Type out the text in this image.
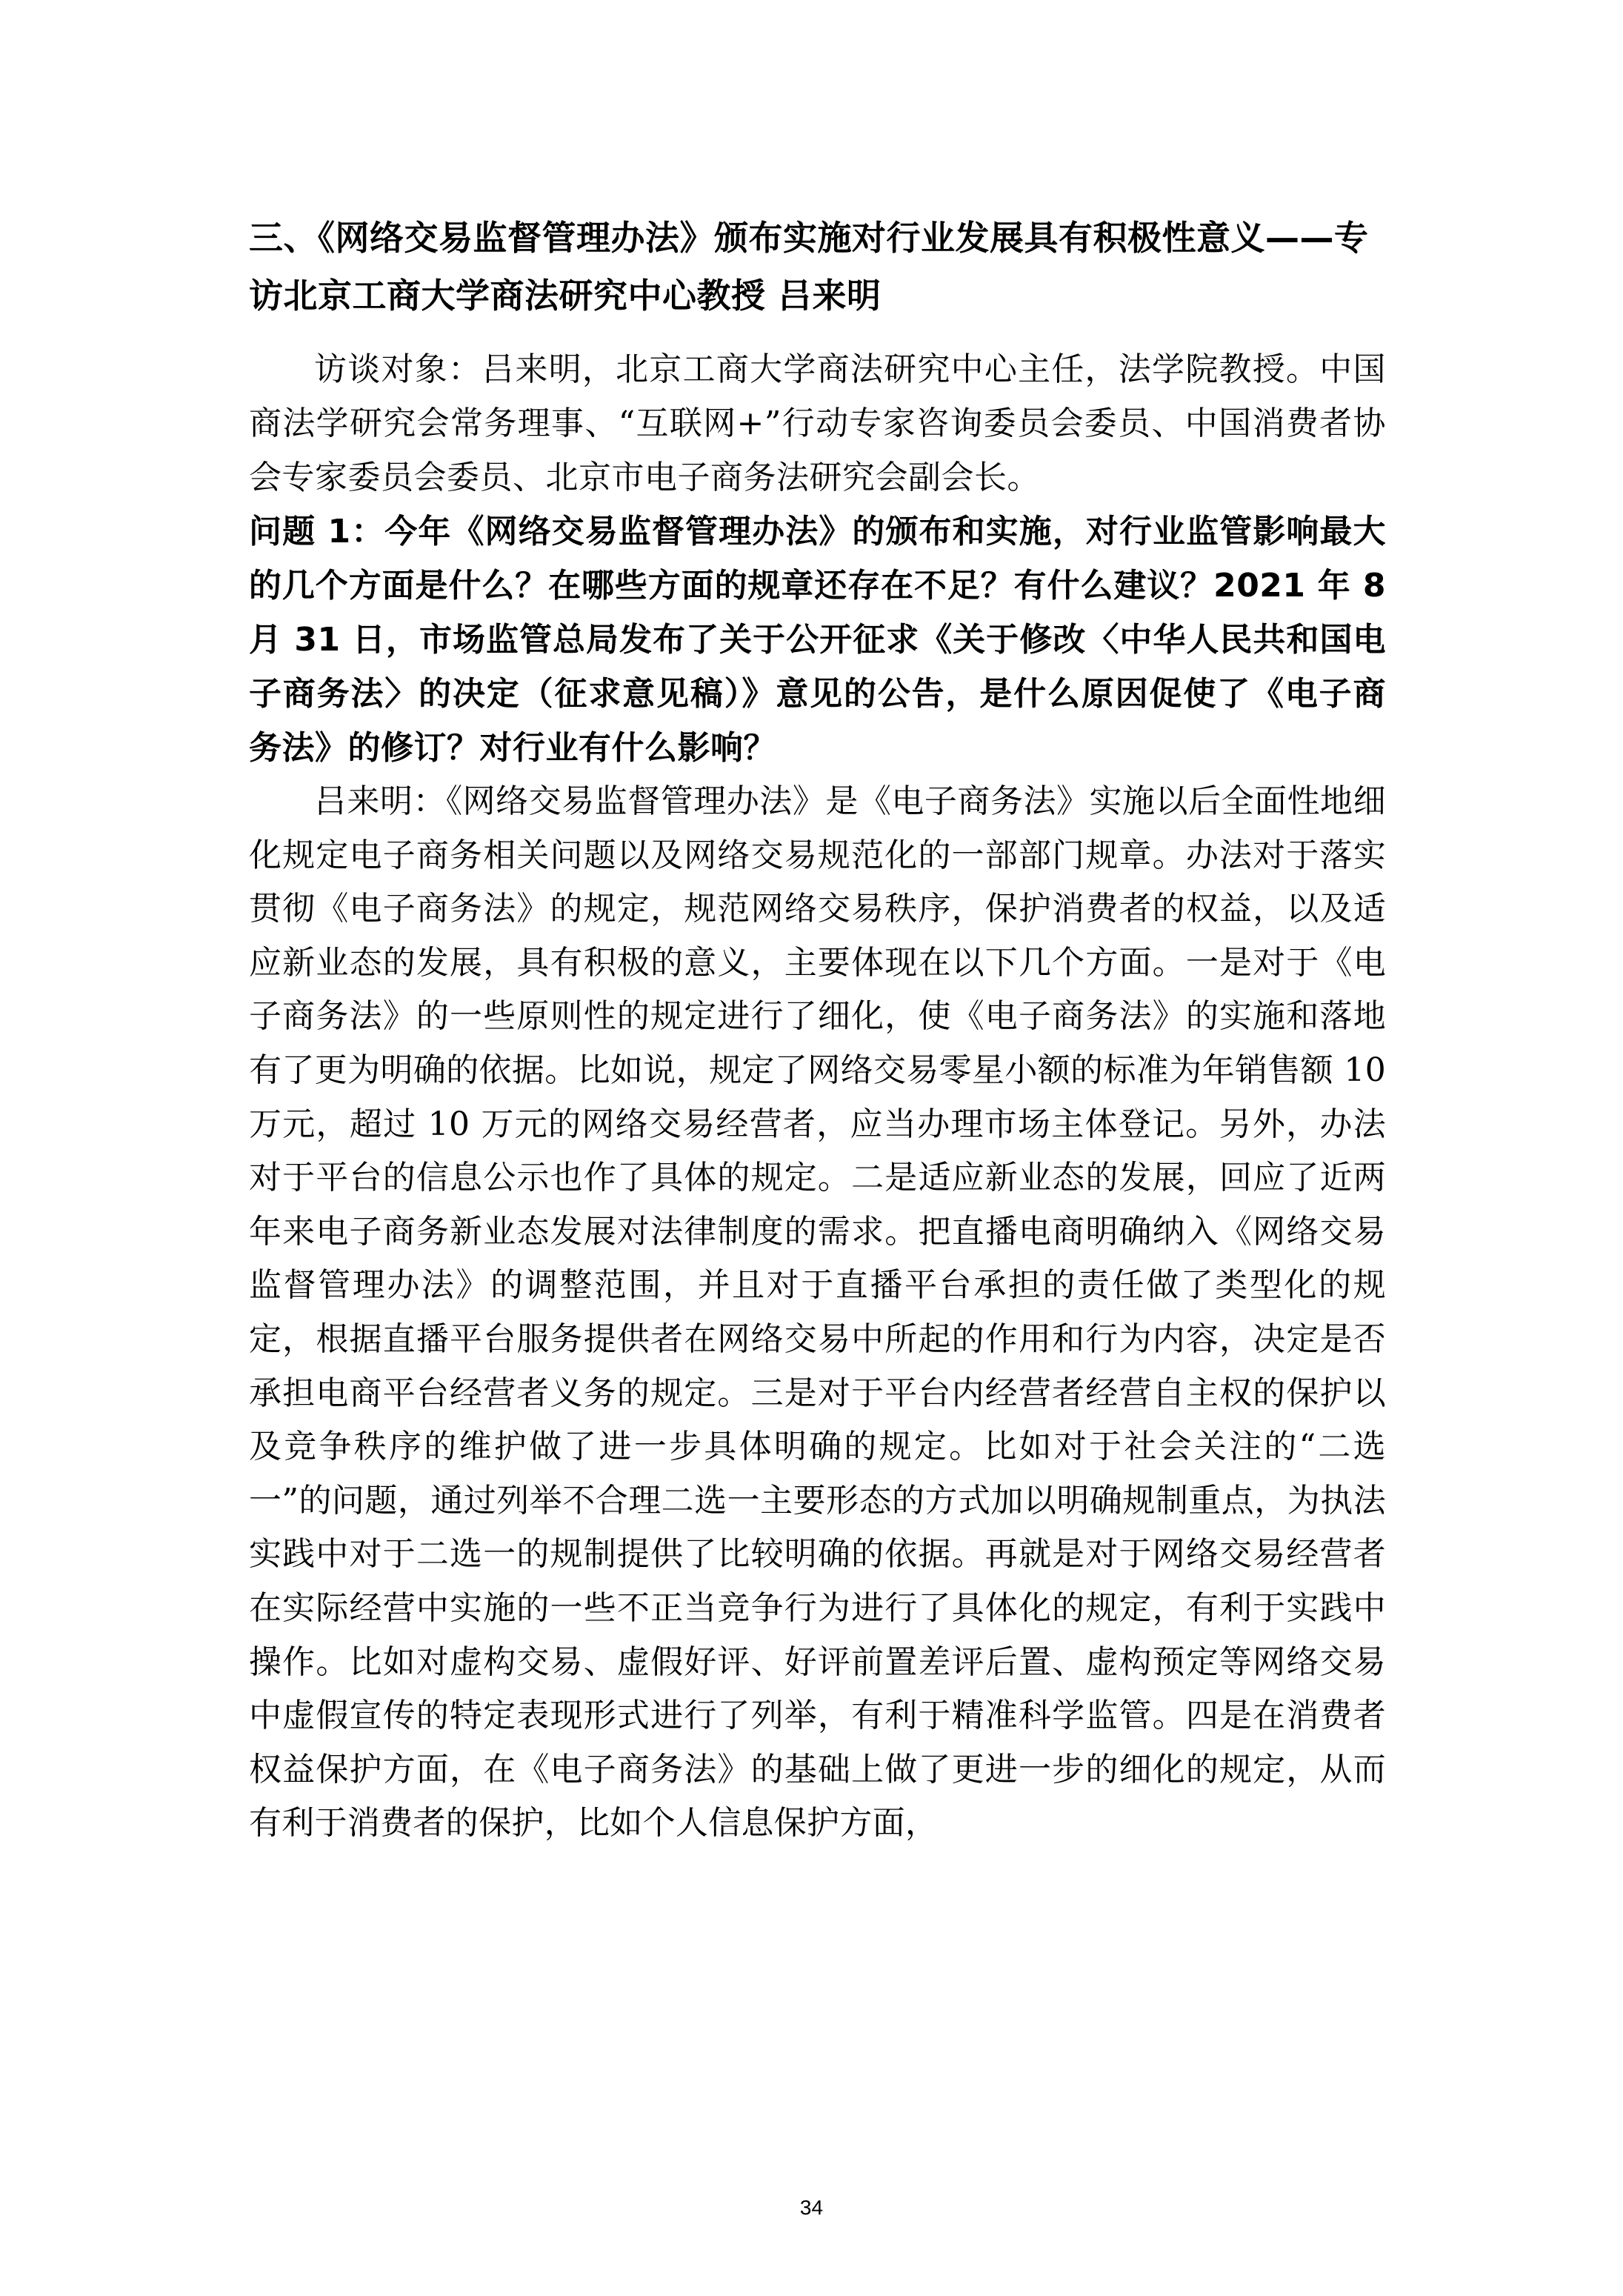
三、《网络交易监督管理办法》颁布实施对行业发展具有积极性意义——专访北京工商大学商法研究中心教授 吕来明

访谈对象：吕来明，北京工商大学商法研究中心主任，法学院教授。中国商法学研究会常务理事、“互联网+”行动专家咨询委员会委员、中国消费者协会专家委员会委员、北京市电子商务法研究会副会长。

问题 1：今年《网络交易监督管理办法》的颁布和实施，对行业监管影响最大的几个方面是什么？在哪些方面的规章还存在不足？有什么建议？2021 年 8 月 31 日，市场监管总局发布了关于公开征求《关于修改〈中华人民共和国电子商务法〉的决定（征求意见稿）》意见的公告，是什么原因促使了《电子商务法》的修订？对行业有什么影响？

吕来明：《网络交易监督管理办法》是《电子商务法》实施以后全面性地细化规定电子商务相关问题以及网络交易规范化的一部部门规章。办法对于落实贯彻《电子商务法》的规定，规范网络交易秩序，保护消费者的权益，以及适应新业态的发展，具有积极的意义，主要体现在以下几个方面。一是对于《电子商务法》的一些原则性的规定进行了细化，使《电子商务法》的实施和落地有了更为明确的依据。比如说，规定了网络交易零星小额的标准为年销售额 10 万元，超过 10 万元的网络交易经营者，应当办理市场主体登记。另外，办法对于平台的信息公示也作了具体的规定。二是适应新业态的发展，回应了近两年来电子商务新业态发展对法律制度的需求。把直播电商明确纳入《网络交易监督管理办法》的调整范围，并且对于直播平台承担的责任做了类型化的规定，根据直播平台服务提供者在网络交易中所起的作用和行为内容，决定是否承担电商平台经营者义务的规定。三是对于平台内经营者经营自主权的保护以及竞争秩序的维护做了进一步具体明确的规定。比如对于社会关注的“二选一”的问题，通过列举不合理二选一主要形态的方式加以明确规制重点，为执法实践中对于二选一的规制提供了比较明确的依据。再就是对于网络交易经营者在实际经营中实施的一些不正当竞争行为进行了具体化的规定，有利于实践中操作。比如对虚构交易、虚假好评、好评前置差评后置、虚构预定等网络交易中虚假宣传的特定表现形式进行了列举，有利于精准科学监管。四是在消费者权益保护方面，在《电子商务法》的基础上做了更进一步的细化的规定，从而有利于消费者的保护，比如个人信息保护方面，

34
